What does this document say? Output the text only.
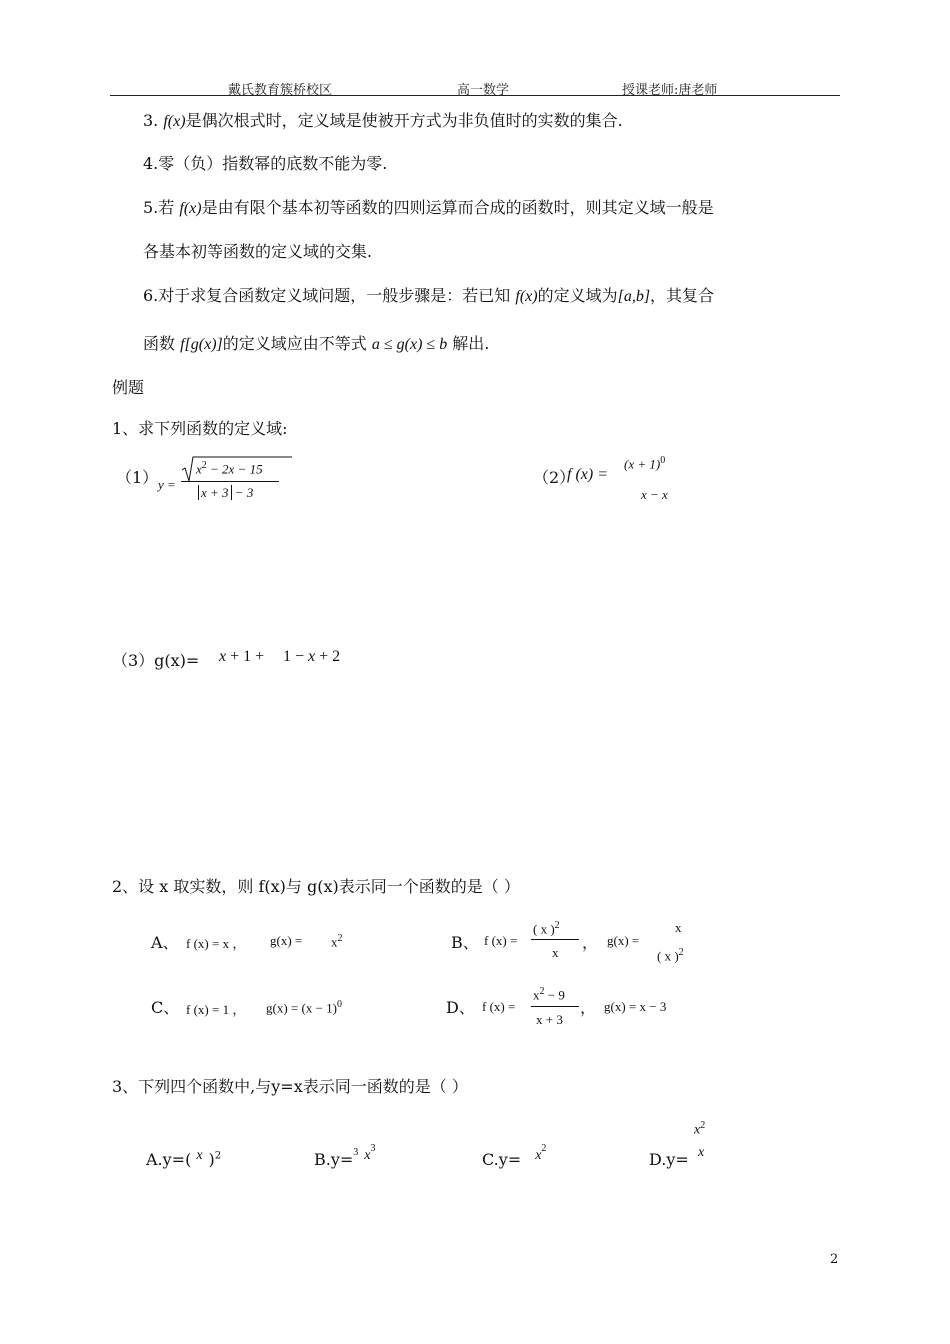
戴氏教育簇桥校区	高一数学	授课老师:唐老师
3. f(x)是偶次根式时，定义域是使被开方式为非负值时的实数的集合.
4.零（负）指数幂的底数不能为零.
5.若 f(x)是由有限个基本初等函数的四则运算而合成的函数时，则其定义域一般是
各基本初等函数的定义域的交集.
6.对于求复合函数定义域问题，一般步骤是：若已知 f(x)的定义域为[a,b]，其复合
函数 f[g(x)]的定义域应由不等式 a ≤ g(x) ≤ b 解出.
例题
1、求下列函数的定义域:
（1） y =
$x^2 - 2x - 15$
x + 3 − 3
（2）
f (x) =
$(x + 1)^0$
x − x
（3）g(x)= x + 1 + 1 − x + 2
2、设 x 取实数，则 f(x)与 g(x)表示同一个函数的是（ ）
A、 f (x) = x ， $g(x) = x^2$	B、 f (x) =
( x )$^2$
x
， g(x) =
x
( x )$^2$
C、 f (x) = 1 ， $g(x) = (x - 1)^0$	D、 f (x) =
$x^2 - 9$
x + 3
， g(x) = x − 3
3、下列四个函数中,与y=x表示同一函数的是（ ）
A.y=( x )$^2$	B.y=$^3$ $x^3$
$C.y= x^2$
D.y=
$x^2$
x
2
